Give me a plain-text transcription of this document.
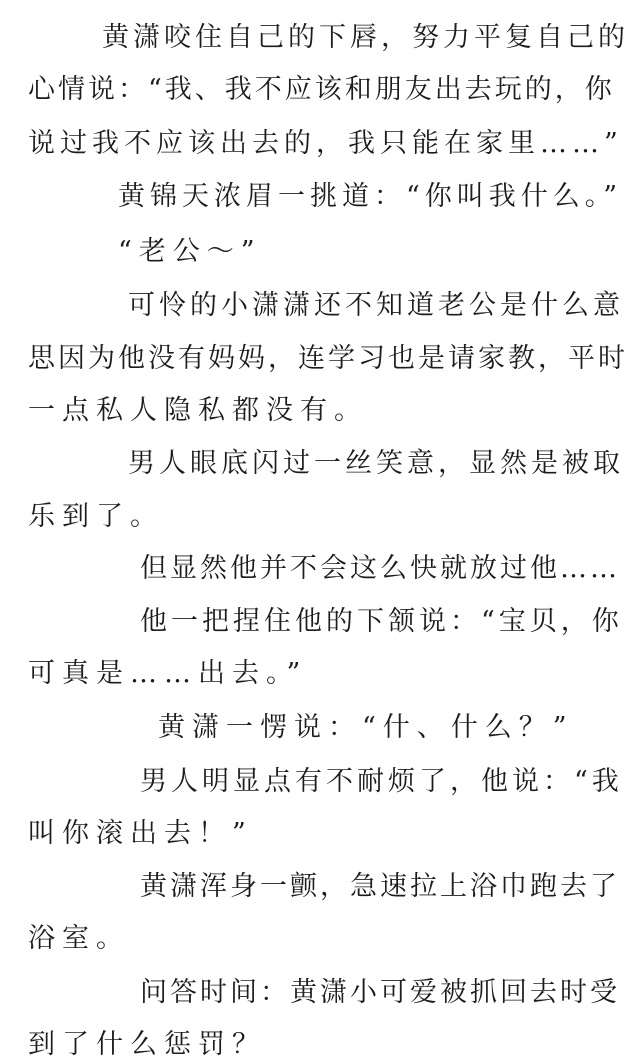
黄潇咬住自己的下唇，努力平复自己的
心情说：“我、我不应该和朋友出去玩的，你
说过我不应该出去的，我只能在家里……”
黄锦天浓眉一挑道：“你叫我什么。”
“老公～”
可怜的小潇潇还不知道老公是什么意
思因为他没有妈妈，连学习也是请家教，平时
一点私人隐私都没有。
男人眼底闪过一丝笑意，显然是被取
乐到了。
但显然他并不会这么快就放过他……
他一把捏住他的下颔说：“宝贝，你
可真是……出去。”
黄潇一愣说：“什、什么？”
男人明显点有不耐烦了，他说：“我
叫你滚出去！”
黄潇浑身一颤，急速拉上浴巾跑去了
浴室。
问答时间：黄潇小可爱被抓回去时受
到了什么惩罚？
